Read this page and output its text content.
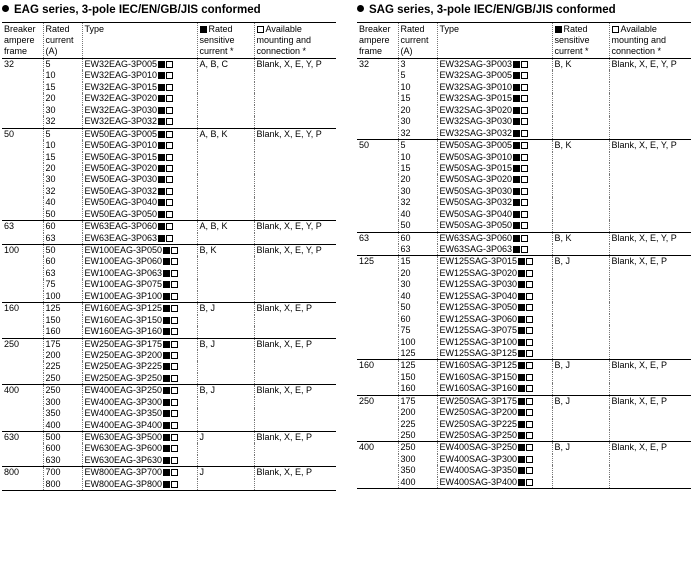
EAG series, 3-pole IEC/EN/GB/JIS conformed
Breaker ampere frame	Rated current (A)	Type	Rated sensitive current *	Available mounting and connection *
32	5	EW32EAG-3P005	A, B, C	Blank, X, E, Y, P
	10	EW32EAG-3P010		
	15	EW32EAG-3P015		
	20	EW32EAG-3P020		
	30	EW32EAG-3P030		
	32	EW32EAG-3P032		
50	5	EW50EAG-3P005	A, B, K	Blank, X, E, Y, P
	10	EW50EAG-3P010		
	15	EW50EAG-3P015		
	20	EW50EAG-3P020		
	30	EW50EAG-3P030		
	32	EW50EAG-3P032		
	40	EW50EAG-3P040		
	50	EW50EAG-3P050		
63	60	EW63EAG-3P060	A, B, K	Blank, X, E, Y, P
	63	EW63EAG-3P063		
100	50	EW100EAG-3P050	B, K	Blank, X, E, Y, P
	60	EW100EAG-3P060		
	63	EW100EAG-3P063		
	75	EW100EAG-3P075		
	100	EW100EAG-3P100		
160	125	EW160EAG-3P125	B, J	Blank, X, E, P
	150	EW160EAG-3P150		
	160	EW160EAG-3P160		
250	175	EW250EAG-3P175	B, J	Blank, X, E, P
	200	EW250EAG-3P200		
	225	EW250EAG-3P225		
	250	EW250EAG-3P250		
400	250	EW400EAG-3P250	B, J	Blank, X, E, P
	300	EW400EAG-3P300		
	350	EW400EAG-3P350		
	400	EW400EAG-3P400		
630	500	EW630EAG-3P500	J	Blank, X, E, P
	600	EW630EAG-3P600		
	630	EW630EAG-3P630		
800	700	EW800EAG-3P700	J	Blank, X, E, P
	800	EW800EAG-3P800		
SAG series, 3-pole IEC/EN/GB/JIS conformed
Breaker ampere frame	Rated current (A)	Type	Rated sensitive current *	Available mounting and connection *
32	3	EW32SAG-3P003	B, K	Blank, X, E, Y, P
	5	EW32SAG-3P005		
	10	EW32SAG-3P010		
	15	EW32SAG-3P015		
	20	EW32SAG-3P020		
	30	EW32SAG-3P030		
	32	EW32SAG-3P032		
50	5	EW50SAG-3P005	B, K	Blank, X, E, Y, P
	10	EW50SAG-3P010		
	15	EW50SAG-3P015		
	20	EW50SAG-3P020		
	30	EW50SAG-3P030		
	32	EW50SAG-3P032		
	40	EW50SAG-3P040		
	50	EW50SAG-3P050		
63	60	EW63SAG-3P060	B, K	Blank, X, E, Y, P
	63	EW63SAG-3P063		
125	15	EW125SAG-3P015	B, J	Blank, X, E, P
	20	EW125SAG-3P020		
	30	EW125SAG-3P030		
	40	EW125SAG-3P040		
	50	EW125SAG-3P050		
	60	EW125SAG-3P060		
	75	EW125SAG-3P075		
	100	EW125SAG-3P100		
	125	EW125SAG-3P125		
160	125	EW160SAG-3P125	B, J	Blank, X, E, P
	150	EW160SAG-3P150		
	160	EW160SAG-3P160		
250	175	EW250SAG-3P175	B, J	Blank, X, E, P
	200	EW250SAG-3P200		
	225	EW250SAG-3P225		
	250	EW250SAG-3P250		
400	250	EW400SAG-3P250	B, J	Blank, X, E, P
	300	EW400SAG-3P300		
	350	EW400SAG-3P350		
	400	EW400SAG-3P400		
